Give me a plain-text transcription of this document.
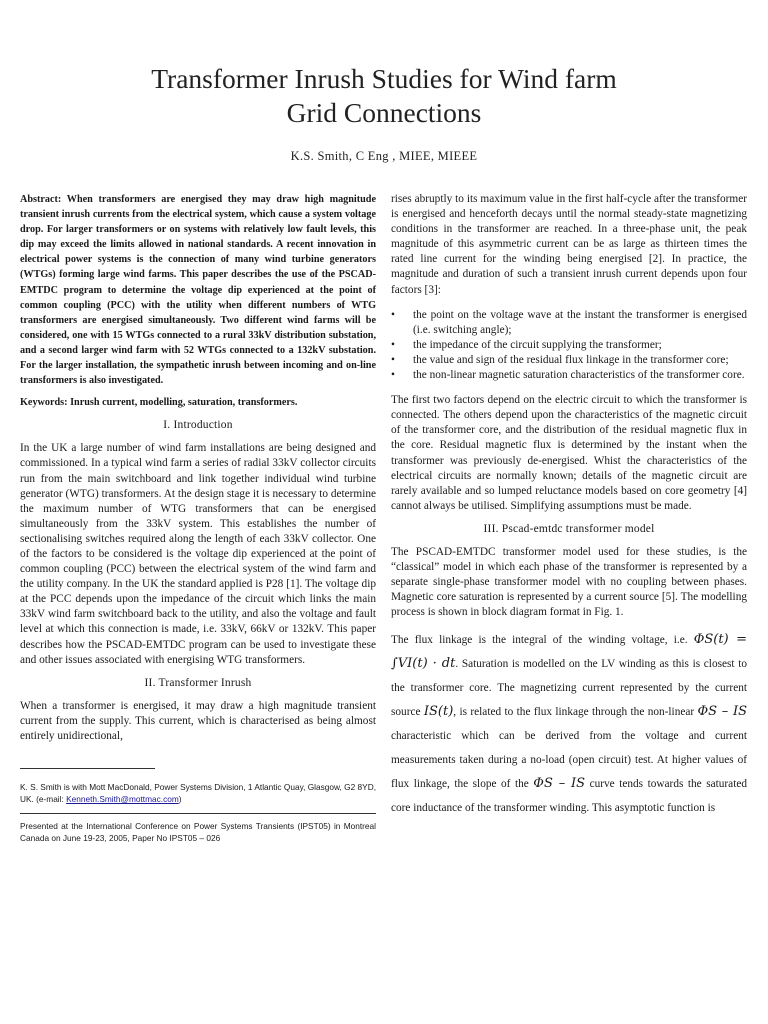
Transformer Inrush Studies for Wind farm
Grid Connections
K.S. Smith, C Eng , MIEE, MIEEE

Abstract: When transformers are energised they may draw high magnitude transient inrush currents from the electrical system, which cause a system voltage drop. For larger transformers or on systems with relatively low fault levels, this dip may exceed the limits allowed in national standards. A recent innovation in electrical power systems is the connection of many wind turbine generators (WTGs) forming large wind farms. This paper describes the use of the PSCAD-EMTDC program to determine the voltage dip experienced at the point of common coupling (PCC) with the utility when different numbers of WTG transformers are energised simultaneously. Two different wind farms will be considered, one with 15 WTGs connected to a rural 33kV distribution substation, and a second larger wind farm with 52 WTGs connected to a 132kV substation. For the larger installation, the sympathetic inrush between incoming and on-line transformers is also investigated.

Keywords: Inrush current, modelling, saturation, transformers.

I. Introduction

In the UK a large number of wind farm installations are being designed and commissioned. In a typical wind farm a series of radial 33kV collector circuits run from the main switchboard and link together individual wind turbine generator (WTG) transformers. At the design stage it is necessary to determine the maximum number of WTG transformers that can be energised simultaneously from the 33kV system. This establishes the number of sectionalising switches required along the length of each 33kV collector. One of the factors to be considered is the voltage dip experienced at the point of common coupling (PCC) between the electrical system of the wind farm and the utility company. In the UK the standard applied is P28 [1]. The voltage dip at the PCC depends upon the impedance of the circuit which links the main 33kV wind farm switchboard back to the utility, and also the voltage and fault level at which this connection is made, i.e. 33kV, 66kV or 132kV. This paper describes how the PSCAD-EMTDC program can be used to investigate these and other issues associated with energising WTG transformers.

II. Transformer Inrush

When a transformer is energised, it may draw a high magnitude transient current from the supply. This current, which is characterised as being almost entirely unidirectional,

K. S. Smith is with Mott MacDonald, Power Systems Division, 1 Atlantic Quay, Glasgow, G2 8YD, UK. (e-mail: Kenneth.Smith@mottmac.com)

Presented at the International Conference on Power Systems Transients (IPST05) in Montreal Canada on June 19-23, 2005, Paper No IPST05 – 026

rises abruptly to its maximum value in the first half-cycle after the transformer is energised and henceforth decays until the normal steady-state magnetizing conditions in the transformer are reached. In a three-phase unit, the peak magnitude of this asymmetric current can be as large as thirteen times the rated line current for the winding being energised [2]. In practice, the magnitude and duration of such a transient inrush current depends upon four factors [3]:

• the point on the voltage wave at the instant the transformer is energised (i.e. switching angle);
• the impedance of the circuit supplying the transformer;
• the value and sign of the residual flux linkage in the transformer core;
• the non-linear magnetic saturation characteristics of the transformer core.

The first two factors depend on the electric circuit to which the transformer is connected. The others depend upon the characteristics of the magnetic circuit of the transformer core, and the distribution of the residual magnetic flux in the core. Residual magnetic flux is determined by the instant when the transformer was previously de-energised. Whist the characteristics of the electrical circuits are normally known; details of the magnetic circuit are rarely available and so lumped reluctance models based on core geometry [4] cannot always be utilised. Simplifying assumptions must be made.

III. Pscad-emtdc transformer model

The PSCAD-EMTDC transformer model used for these studies, is the “classical” model in which each phase of the transformer is represented by a separate single-phase transformer model with no coupling between phases. Magnetic core saturation is represented by a current source [5]. The modelling process is shown in block diagram format in Fig. 1.

The flux linkage is the integral of the winding voltage, i.e. ΦS(t) = ∫VI(t) · dt. Saturation is modelled on the LV winding as this is closest to the transformer core. The magnetizing current represented by the current source IS(t), is related to the flux linkage through the non-linear ΦS – IS characteristic which can be derived from the voltage and current measurements taken during a no-load (open circuit) test. At higher values of flux linkage, the slope of the ΦS – IS curve tends towards the saturated core inductance of the transformer winding. This asymptotic function is
